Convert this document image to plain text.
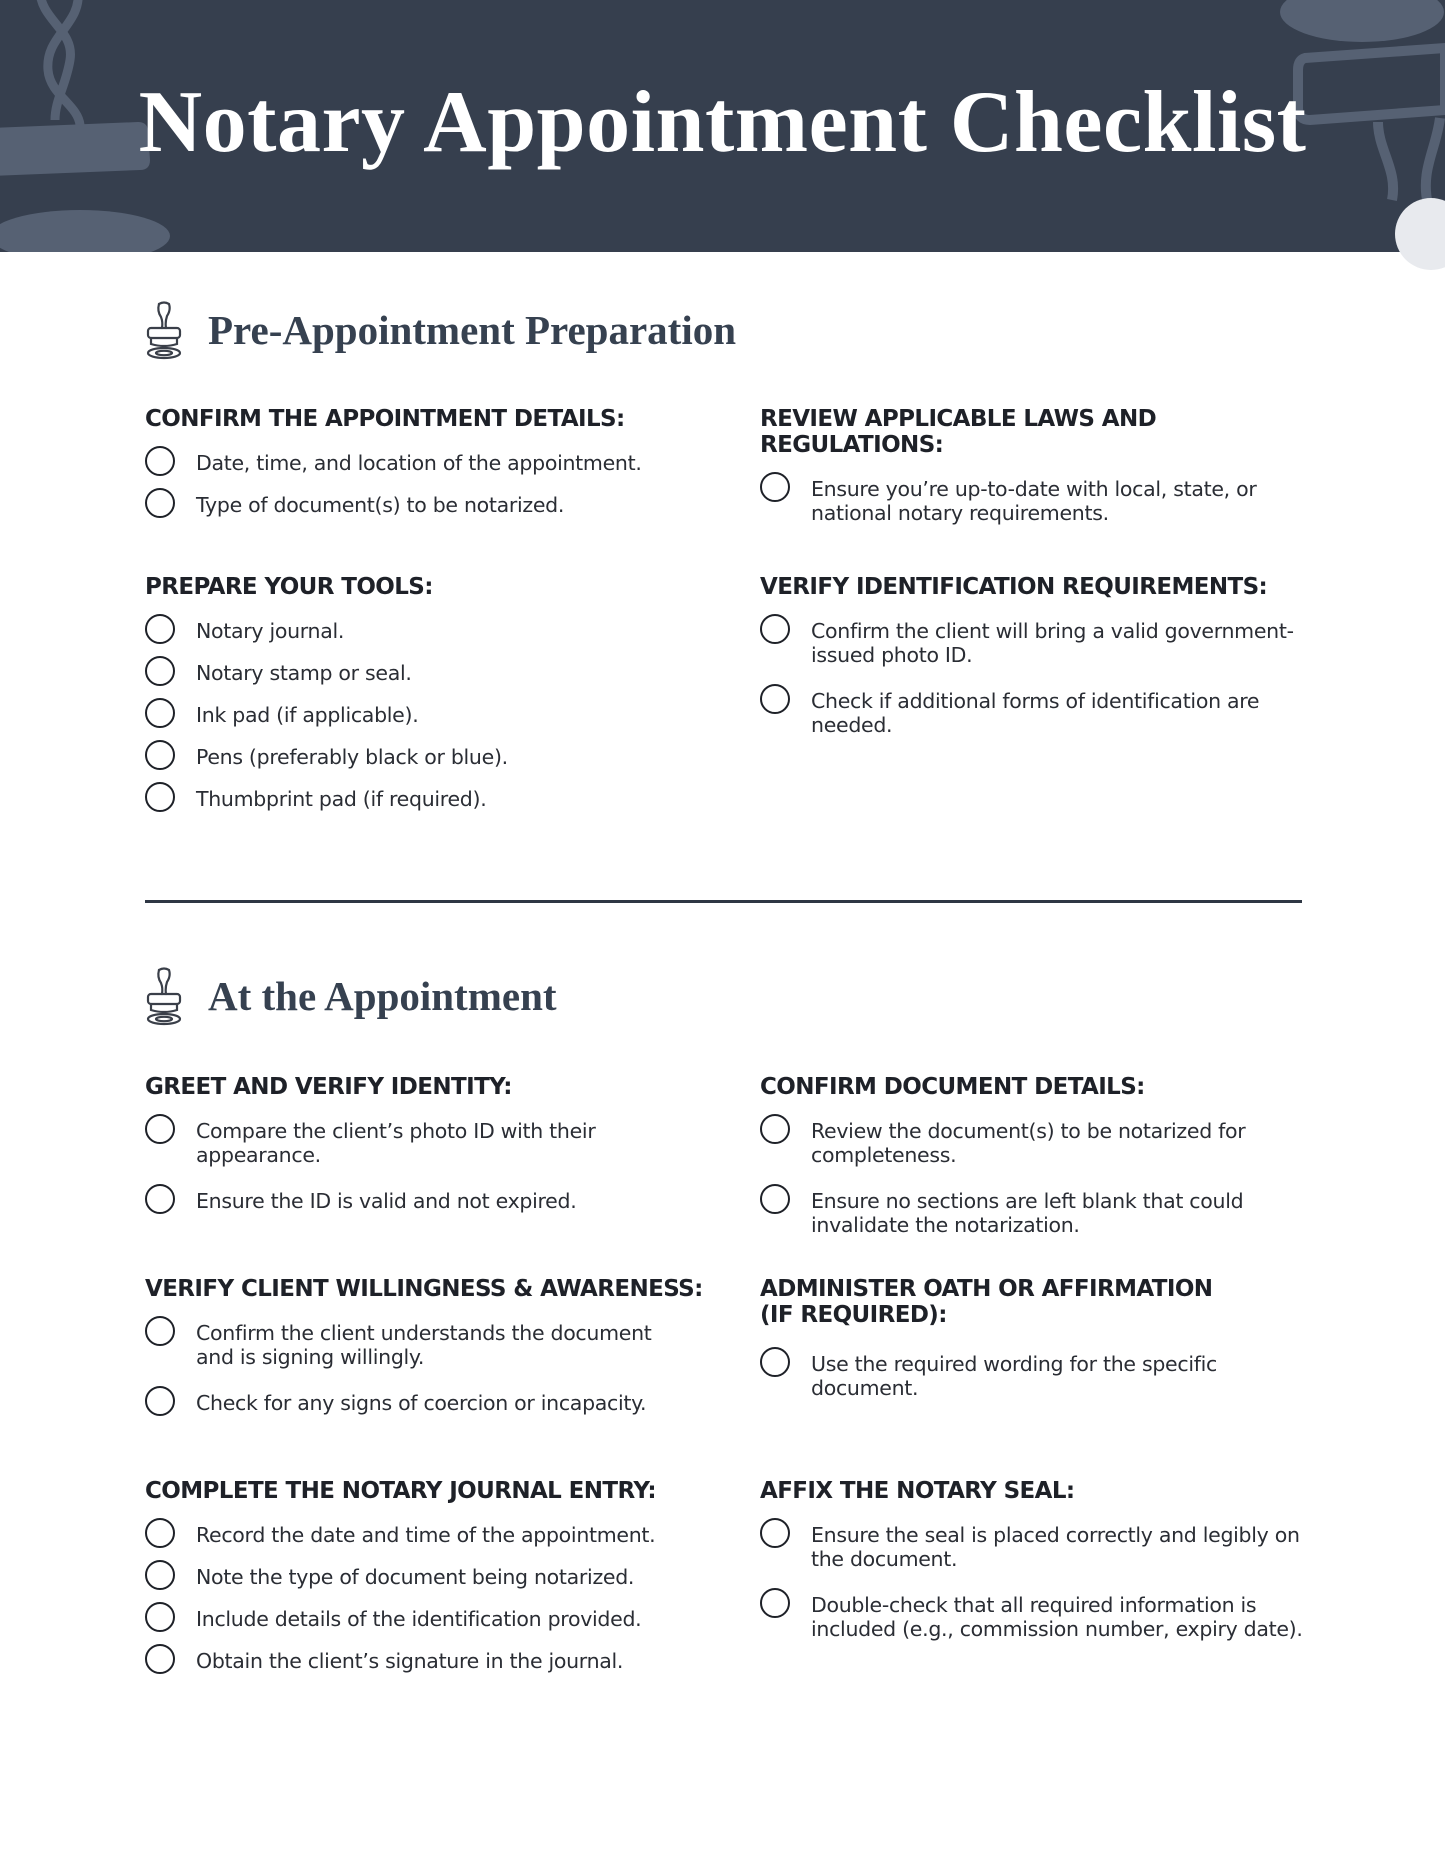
Notary Appointment Checklist
Pre-Appointment Preparation
CONFIRM THE APPOINTMENT DETAILS:
Date, time, and location of the appointment.
Type of document(s) to be notarized.
REVIEW APPLICABLE LAWS AND REGULATIONS:
Ensure you’re up-to-date with local, state, or national notary requirements.
PREPARE YOUR TOOLS:
Notary journal.
Notary stamp or seal.
Ink pad (if applicable).
Pens (preferably black or blue).
Thumbprint pad (if required).
VERIFY IDENTIFICATION REQUIREMENTS:
Confirm the client will bring a valid government-issued photo ID.
Check if additional forms of identification are needed.
At the Appointment
GREET AND VERIFY IDENTITY:
Compare the client’s photo ID with their appearance.
Ensure the ID is valid and not expired.
CONFIRM DOCUMENT DETAILS:
Review the document(s) to be notarized for completeness.
Ensure no sections are left blank that could invalidate the notarization.
VERIFY CLIENT WILLINGNESS & AWARENESS:
Confirm the client understands the document and is signing willingly.
Check for any signs of coercion or incapacity.
ADMINISTER OATH OR AFFIRMATION (IF REQUIRED):
Use the required wording for the specific document.
COMPLETE THE NOTARY JOURNAL ENTRY:
Record the date and time of the appointment.
Note the type of document being notarized.
Include details of the identification provided.
Obtain the client’s signature in the journal.
AFFIX THE NOTARY SEAL:
Ensure the seal is placed correctly and legibly on the document.
Double-check that all required information is included (e.g., commission number, expiry date).
